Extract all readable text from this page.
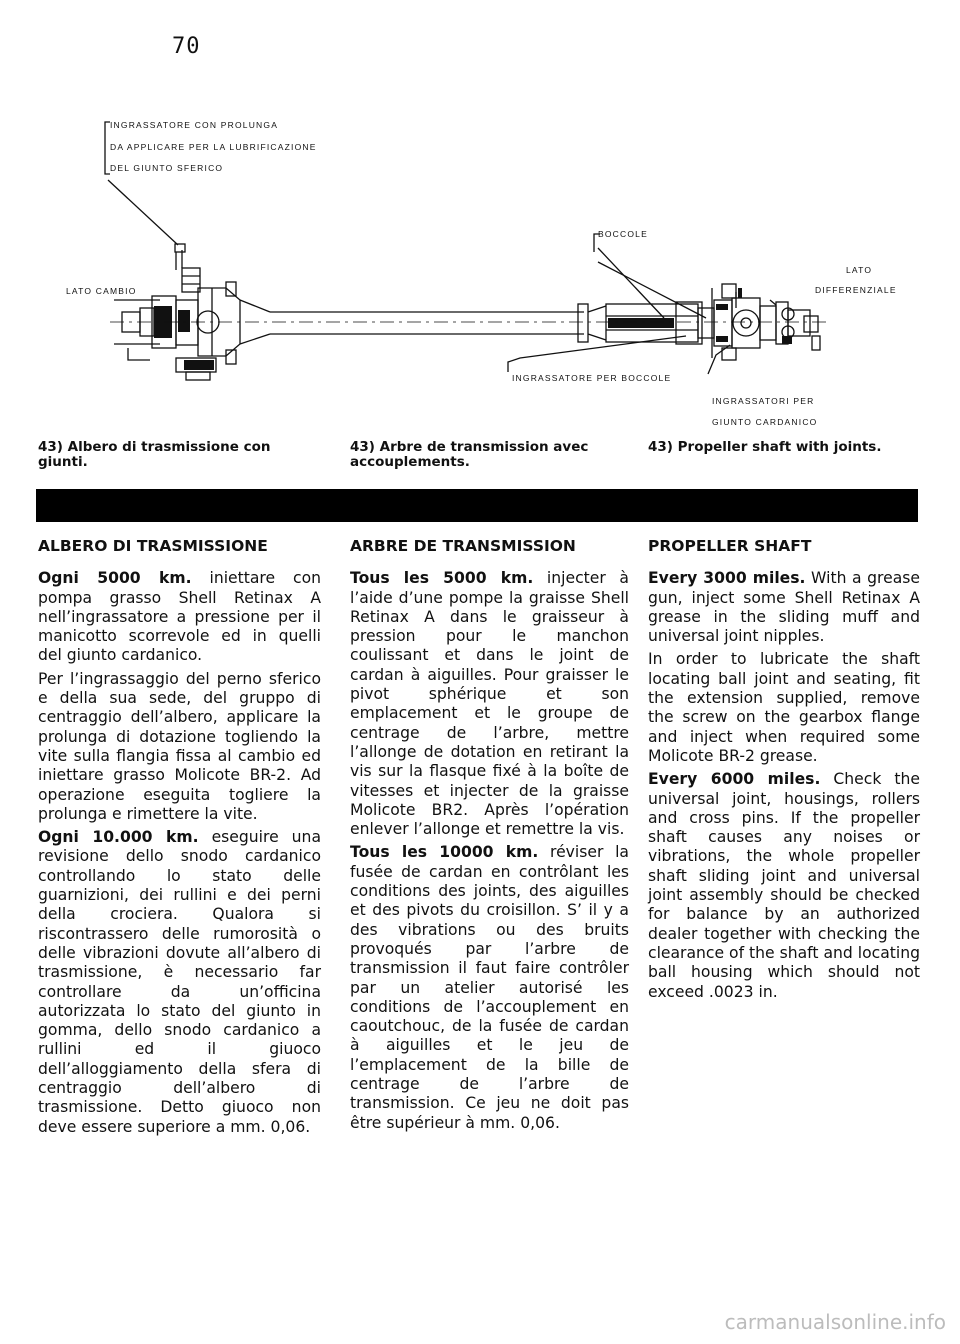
70
INGRASSATORE CON PROLUNGA
DA APPLICARE PER LA LUBRIFICAZIONE
DEL GIUNTO SFERICO
LATO CAMBIO
BOCCOLE
LATO
DIFFERENZIALE
INGRASSATORE PER BOCCOLE
INGRASSATORI PER
GIUNTO CARDANICO
43) Albero di trasmissione con giunti.
43) Arbre de transmission avec accouplements.
43) Propeller shaft with joints.
ALBERO DI TRASMISSIONE

Ogni 5000 km. iniettare con pompa grasso Shell Retinax A nell’ingrassatore a pressione per il manicotto scorrevole ed in quelli del giunto cardanico.

Per l’ingrassaggio del perno sferico e della sua sede, del gruppo di centraggio dell’albero, applicare la prolunga di dotazione togliendo la vite sulla flangia fissa al cambio ed iniettare grasso Molicote BR-2. Ad operazione eseguita togliere la prolunga e rimettere la vite.

Ogni 10.000 km. eseguire una revisione dello snodo cardanico controllando lo stato delle guarnizioni, dei rullini e dei perni della crociera. Qualora si riscontrassero delle rumorosità o delle vibrazioni dovute all’albero di trasmissione, è necessario far controllare da un’officina autorizzata lo stato del giunto in gomma, dello snodo cardanico a rullini ed il giuoco dell’alloggiamento della sfera di centraggio dell’albero di trasmissione. Detto giuoco non deve essere superiore a mm. 0,06.

ARBRE DE TRANSMISSION

Tous les 5000 km. injecter à l’aide d’une pompe la graisse Shell Retinax A dans le graisseur à pression pour le manchon coulissant et dans le joint de cardan à aiguilles. Pour graisser le pivot sphérique et son emplacement et le groupe de centrage de l’arbre, mettre l’allonge de dotation en retirant la vis sur la flasque fixé à la boîte de vitesses et injecter de la graisse Molicote BR2. Après l’opération enlever l’allonge et remettre la vis.

Tous les 10000 km. réviser la fusée de cardan en contrôlant les conditions des joints, des aiguilles et des pivots du croisillon. S’ il y a des vibrations ou des bruits provoqués par l’arbre de transmission il faut faire contrôler par un atelier autorisé les conditions de l’accouplement en caoutchouc, de la fusée de cardan à aiguilles et le jeu de l’emplacement de la bille de centrage de l’arbre de transmission. Ce jeu ne doit pas être supérieur à mm. 0,06.

PROPELLER SHAFT

Every 3000 miles. With a grease gun, inject some Shell Retinax A grease in the sliding muff and universal joint nipples.

In order to lubricate the shaft locating ball joint and seating, fit the extension supplied, remove the screw on the gearbox flange and inject when required some Molicote BR-2 grease.

Every 6000 miles. Check the universal joint, housings, rollers and cross pins. If the propeller shaft causes any noises or vibrations, the whole propeller shaft sliding joint and universal joint assembly should be checked for balance by an authorized dealer together with checking the clearance of the shaft and locating ball housing which should not exceed .0023 in.

carmanualsonline.info
